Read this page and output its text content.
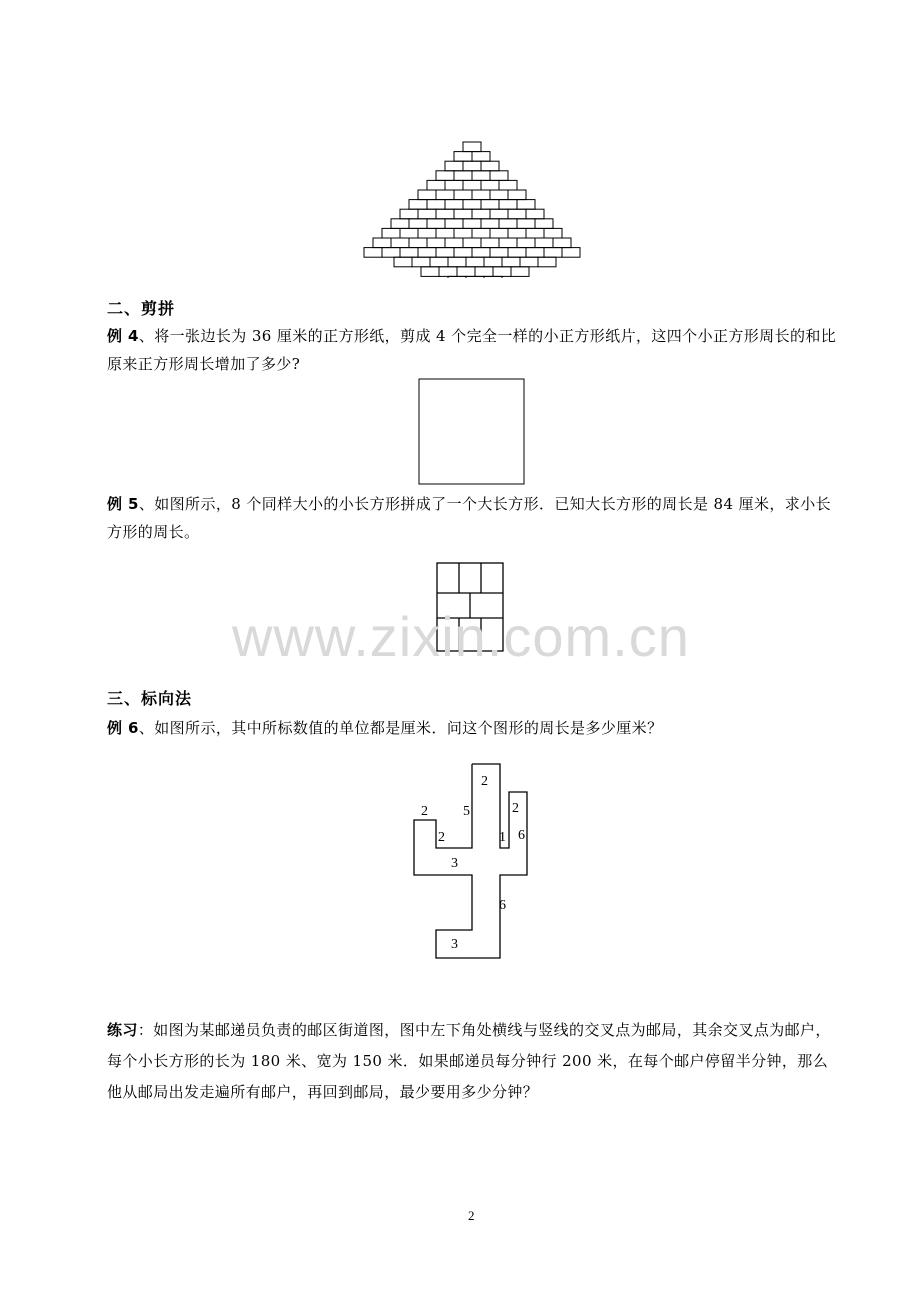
二、剪拼
例 4、将一张边长为 36 厘米的正方形纸，剪成 4 个完全一样的小正方形纸片，这四个小正方形周长的和比原来正方形周长增加了多少?
例 5、如图所示，8 个同样大小的小长方形拼成了一个大长方形．已知大长方形的周长是 84 厘米，求小长方形的周长。
www.zixin.com.cn
三、标向法
例 6、如图所示，其中所标数值的单位都是厘米．问这个图形的周长是多少厘米？
2
2
2
5	2
1 6
3
6
3
练习：如图为某邮递员负责的邮区街道图，图中左下角处横线与竖线的交叉点为邮局，其余交叉点为邮户，每个小长方形的长为 180 米、宽为 150 米．如果邮递员每分钟行 200 米，在每个邮户停留半分钟，那么他从邮局出发走遍所有邮户，再回到邮局，最少要用多少分钟？
2
